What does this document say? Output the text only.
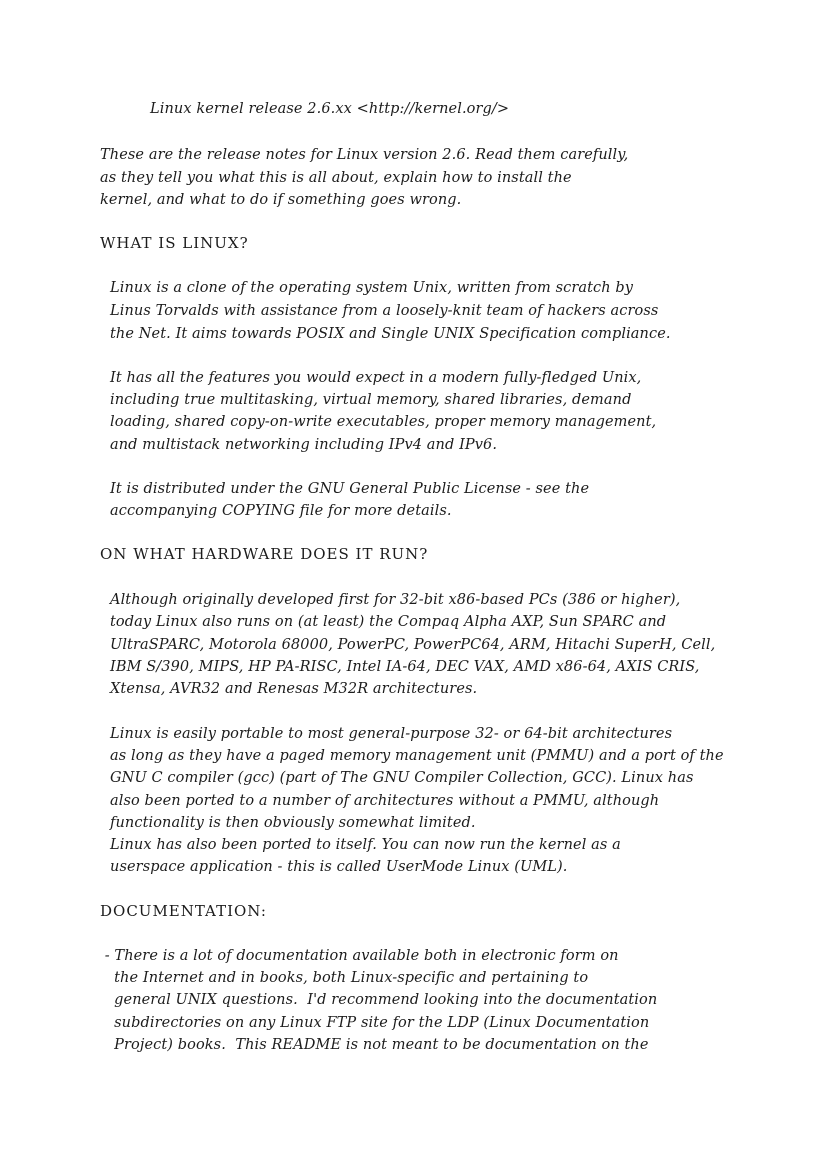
Linux kernel release 2.6.xx <http://kernel.org/>
These are the release notes for Linux version 2.6. Read them carefully,
as they tell you what this is all about, explain how to install the
kernel, and what to do if something goes wrong.
WHAT IS LINUX?
Linux is a clone of the operating system Unix, written from scratch by
Linus Torvalds with assistance from a loosely-knit team of hackers across
the Net. It aims towards POSIX and Single UNIX Specification compliance.
It has all the features you would expect in a modern fully-fledged Unix,
including true multitasking, virtual memory, shared libraries, demand
loading, shared copy-on-write executables, proper memory management,
and multistack networking including IPv4 and IPv6.
It is distributed under the GNU General Public License - see the
accompanying COPYING file for more details.
ON WHAT HARDWARE DOES IT RUN?
Although originally developed first for 32-bit x86-based PCs (386 or higher),
today Linux also runs on (at least) the Compaq Alpha AXP, Sun SPARC and
UltraSPARC, Motorola 68000, PowerPC, PowerPC64, ARM, Hitachi SuperH, Cell,
IBM S/390, MIPS, HP PA-RISC, Intel IA-64, DEC VAX, AMD x86-64, AXIS CRIS,
Xtensa, AVR32 and Renesas M32R architectures.
Linux is easily portable to most general-purpose 32- or 64-bit architectures
as long as they have a paged memory management unit (PMMU) and a port of the
GNU C compiler (gcc) (part of The GNU Compiler Collection, GCC). Linux has
also been ported to a number of architectures without a PMMU, although
functionality is then obviously somewhat limited.
Linux has also been ported to itself. You can now run the kernel as a
userspace application - this is called UserMode Linux (UML).
DOCUMENTATION:
- There is a lot of documentation available both in electronic form on
the Internet and in books, both Linux-specific and pertaining to
general UNIX questions.  I'd recommend looking into the documentation
subdirectories on any Linux FTP site for the LDP (Linux Documentation
Project) books.  This README is not meant to be documentation on the
